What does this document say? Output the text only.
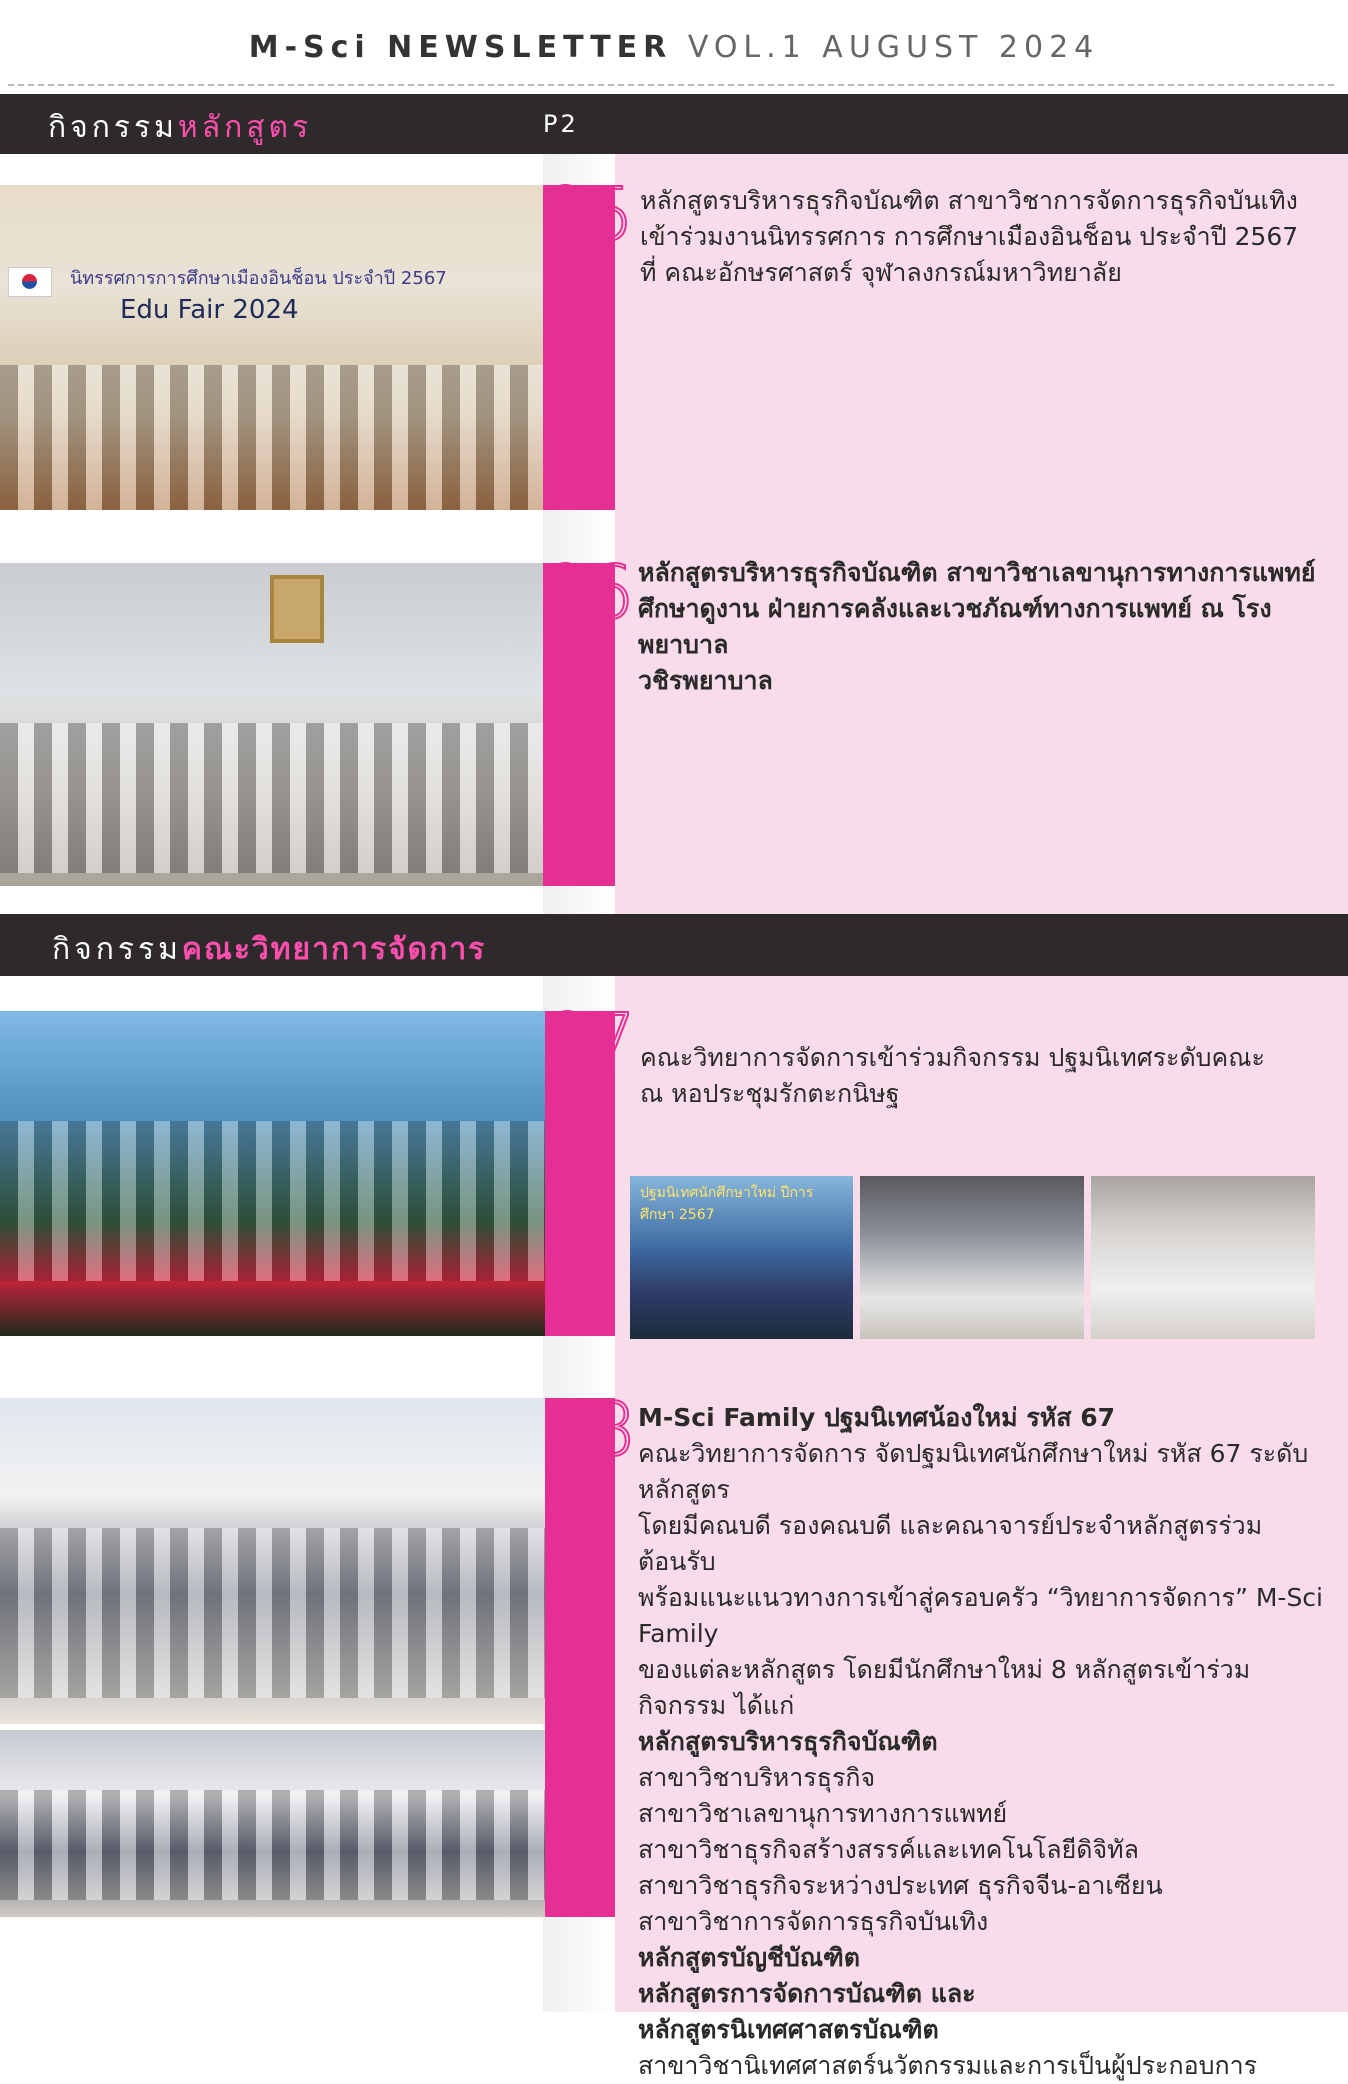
M-Sci NEWSLETTER VOL.1 AUGUST 2024
กิจกรรมหลักสูตร	P2
นิทรรศการการศึกษาเมืองอินช็อน ประจำปี 2567
Edu Fair 2024
05 หลักสูตรบริหารธุรกิจบัณฑิต สาขาวิชาการจัดการธุรกิจบันเทิง
เข้าร่วมงานนิทรรศการ การศึกษาเมืองอินช็อน ประจำปี 2567
ที่ คณะอักษรศาสตร์ จุฬาลงกรณ์มหาวิทยาลัย
06 หลักสูตรบริหารธุรกิจบัณฑิต สาขาวิชาเลขานุการทางการแพทย์
ศึกษาดูงาน ฝ่ายการคลังและเวชภัณฑ์ทางการแพทย์ ณ โรงพยาบาล
วชิรพยาบาล
กิจกรรมคณะวิทยาการจัดการ
07 คณะวิทยาการจัดการเข้าร่วมกิจกรรม ปฐมนิเทศระดับคณะ
ณ หอประชุมรักตะกนิษฐ
ปฐมนิเทศนักศึกษาใหม่ ปีการศึกษา 2567
08 M-Sci Family ปฐมนิเทศน้องใหม่ รหัส 67
คณะวิทยาการจัดการ จัดปฐมนิเทศนักศึกษาใหม่ รหัส 67 ระดับหลักสูตร
โดยมีคณบดี รองคณบดี และคณาจารย์ประจำหลักสูตรร่วมต้อนรับ
พร้อมแนะแนวทางการเข้าสู่ครอบครัว “วิทยาการจัดการ” M-Sci Family
ของแต่ละหลักสูตร โดยมีนักศึกษาใหม่ 8 หลักสูตรเข้าร่วมกิจกรรม ได้แก่
หลักสูตรบริหารธุรกิจบัณฑิต
สาขาวิชาบริหารธุรกิจ
สาขาวิชาเลขานุการทางการแพทย์
สาขาวิชาธุรกิจสร้างสรรค์และเทคโนโลยีดิจิทัล
สาขาวิชาธุรกิจระหว่างประเทศ ธุรกิจจีน-อาเซียน
สาขาวิชาการจัดการธุรกิจบันเทิง
หลักสูตรบัญชีบัณฑิต
หลักสูตรการจัดการบัณฑิต และ
หลักสูตรนิเทศศาสตรบัณฑิต
สาขาวิชานิเทศศาสตร์นวัตกรรมและการเป็นผู้ประกอบการ
